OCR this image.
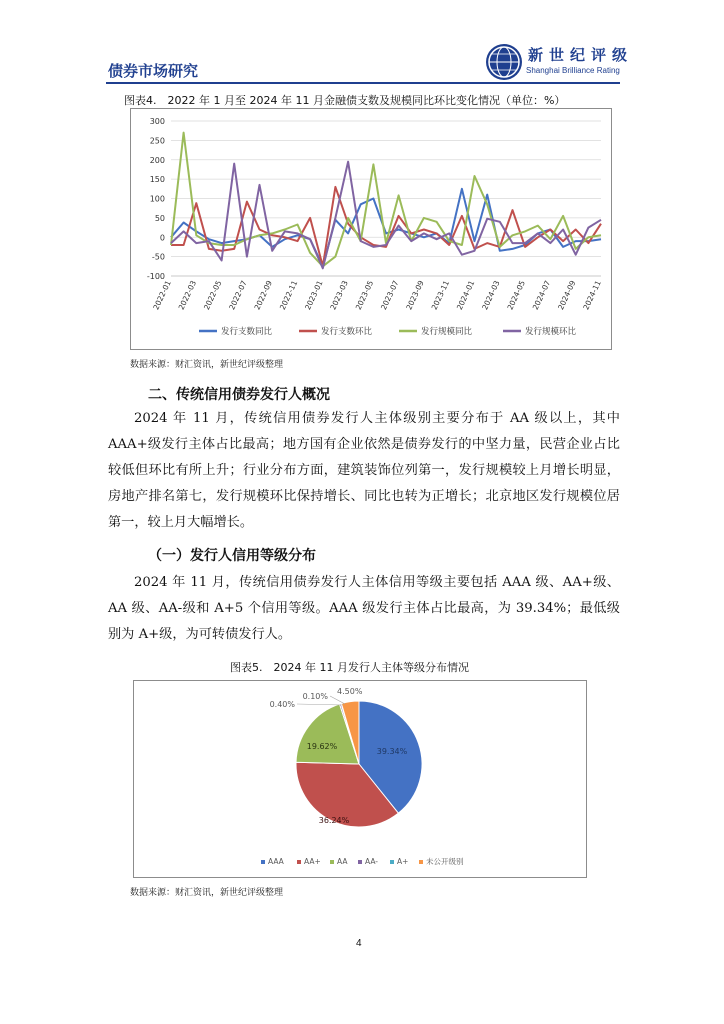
债券市场研究
新世纪评级
Shanghai Brilliance Rating
图表4.　2022 年 1 月至 2024 年 11 月金融债支数及规模同比环比变化情况（单位：%）
-100
-50
0
50
100
150
200
250
300
2022-01 2022-03 2022-05 2022-07 2022-09 2022-11 2023-01 2023-03 2023-05 2023-07 2023-09 2023-11 2024-01 2024-03 2024-05 2024-07 2024-09 2024-11
发行支数同比	发行支数环比	发行规模同比	发行规模环比
数据来源：财汇资讯，新世纪评级整理
二、传统信用债券发行人概况
2024 年 11 月，传统信用债券发行人主体级别主要分布于 AA 级以上，其中 AAA+级发行主体占比最高；地方国有企业依然是债券发行的中坚力量，民营企业占比较低但环比有所上升；行业分布方面，建筑装饰位列第一，发行规模较上月增长明显，房地产排名第七，发行规模环比保持增长、同比也转为正增长；北京地区发行规模位居第一，较上月大幅增长。
（一）发行人信用等级分布
2024 年 11 月，传统信用债券发行人主体信用等级主要包括 AAA 级、AA+级、AA 级、AA-级和 A+5 个信用等级。AAA 级发行主体占比最高，为 39.34%；最低级别为 A+级，为可转债发行人。
图表5.　2024 年 11 月发行人主体等级分布情况
39.34%
36.24%
19.62%
0.40%
0.10%
4.50%
AAA	AA+ AA AA-	A+ 未公开级别
数据来源：财汇资讯，新世纪评级整理
4
